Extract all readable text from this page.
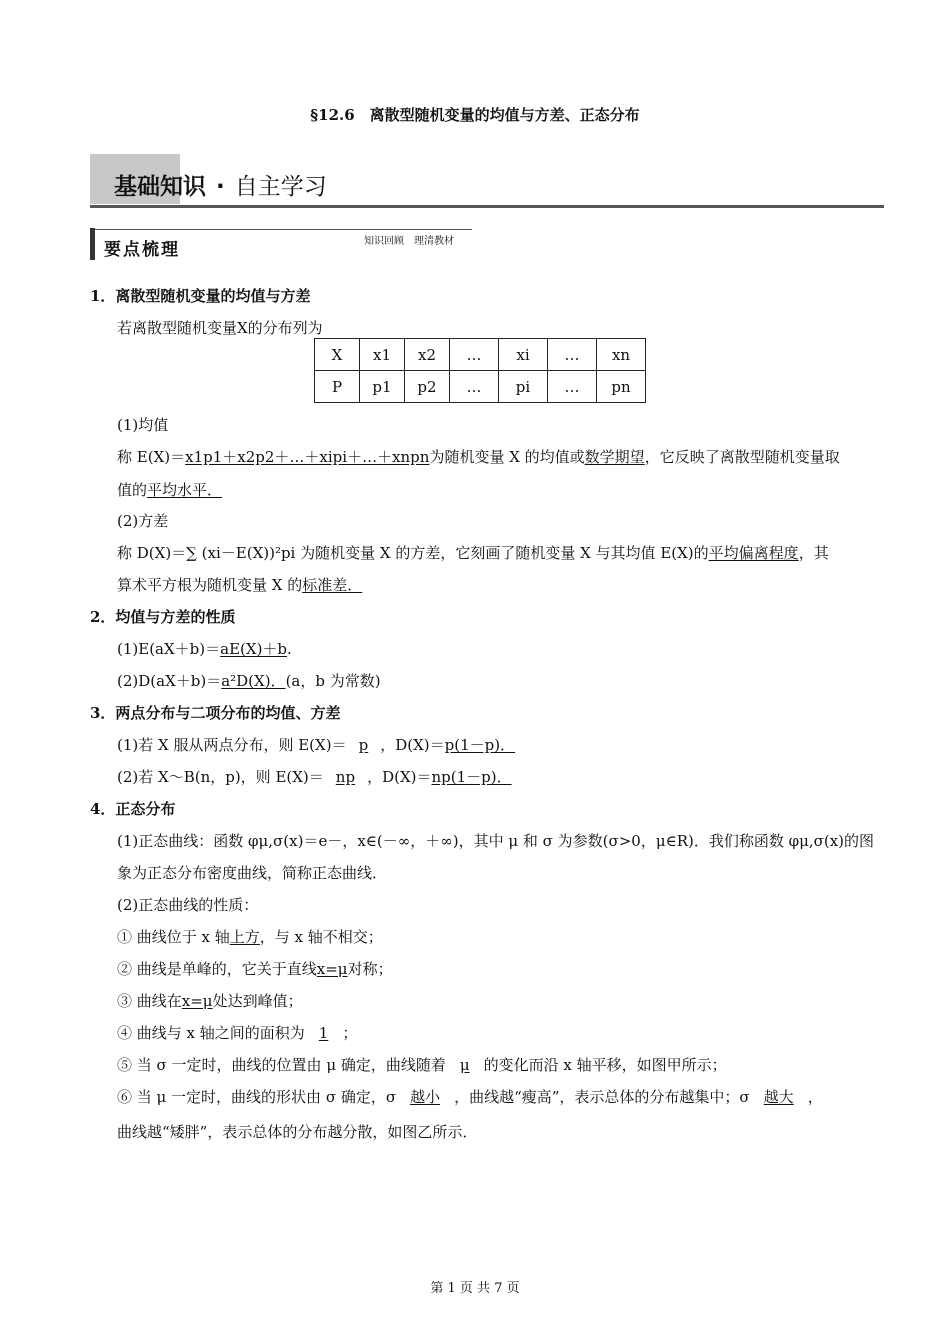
§12.6　离散型随机变量的均值与方差、正态分布
基础知识 · 自主学习
要点梳理	知识回顾　理清教材
1．离散型随机变量的均值与方差
若离散型随机变量X的分布列为
X	x1	x2	…	xi	…	xn
P	p1	p2	…	pi	…	pn
(1)均值
称 E(X)＝x1p1＋x2p2＋…＋xipi＋…＋xnpn为随机变量 X 的均值或数学期望，它反映了离散型随机变量取
值的平均水平．
(2)方差
称 D(X)＝∑ (xi－E(X))²pi 为随机变量 X 的方差，它刻画了随机变量 X 与其均值 E(X)的平均偏离程度，其
算术平方根为随机变量 X 的标准差．
2．均值与方差的性质
(1)E(aX＋b)＝aE(X)＋b.
(2)D(aX＋b)＝a²D(X)．(a，b 为常数)
3．两点分布与二项分布的均值、方差
(1)若 X 服从两点分布，则 E(X)＝ p ，D(X)＝p(1－p)．
(2)若 X～B(n，p)，则 E(X)＝ np ，D(X)＝np(1－p)．
4．正态分布
(1)正态曲线：函数 φμ,σ(x)＝e－，x∈(－∞，＋∞)，其中 μ 和 σ 为参数(σ>0，μ∈R)．我们称函数 φμ,σ(x)的图
象为正态分布密度曲线，简称正态曲线．
(2)正态曲线的性质：
① 曲线位于 x 轴上方，与 x 轴不相交；
② 曲线是单峰的，它关于直线x=μ对称；
③ 曲线在x=μ处达到峰值；
④ 曲线与 x 轴之间的面积为 1 ；
⑤ 当 σ 一定时，曲线的位置由 μ 确定，曲线随着 μ 的变化而沿 x 轴平移，如图甲所示；
⑥ 当 μ 一定时，曲线的形状由 σ 确定，σ 越小 ，曲线越“瘦高”，表示总体的分布越集中；σ 越大 ，
曲线越“矮胖”，表示总体的分布越分散，如图乙所示．
第 1 页 共 7 页
